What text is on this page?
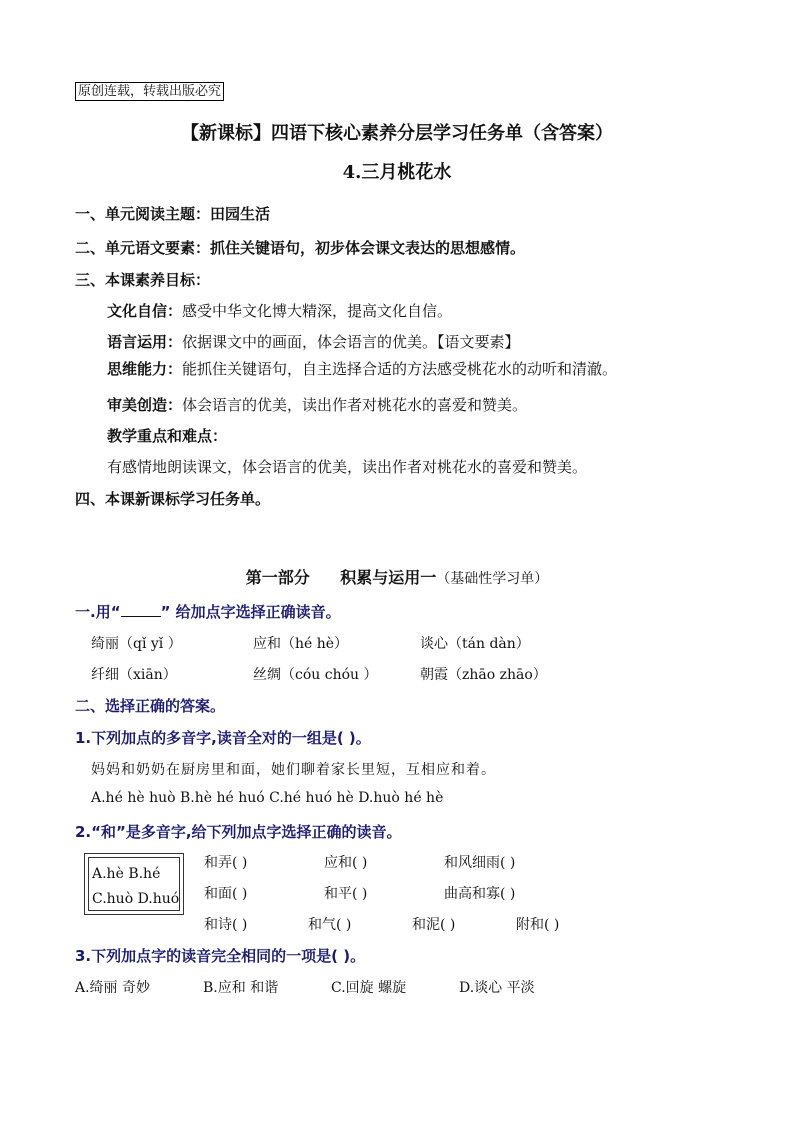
原创连载，转载出版必究
【新课标】四语下核心素养分层学习任务单（含答案）
4.三月桃花水
一、单元阅读主题：田园生活
二、单元语文要素：抓住关键语句，初步体会课文表达的思想感情。
三、本课素养目标：
文化自信：感受中华文化博大精深，提高文化自信。
语言运用：依据课文中的画面，体会语言的优美。【语文要素】
思维能力：能抓住关键语句，自主选择合适的方法感受桃花水的动听和清澈。
审美创造：体会语言的优美，读出作者对桃花水的喜爱和赞美。
教学重点和难点：
有感情地朗读课文，体会语言的优美，读出作者对桃花水的喜爱和赞美。
四、本课新课标学习任务单。
第一部分 积累与运用一（基础性学习单）
一.用“	” 给加点字选择正确读音。
绮丽（qǐ yǐ ）	应和（hé hè）	谈心（tán dàn）
纤细（xiān）	丝绸（cóu chóu ）	朝霞（zhāo zhāo）
二、选择正确的答案。
1.下列加点的多音字,读音全对的一组是( )。
妈妈和奶奶在厨房里和面，她们聊着家长里短，互相应和着。
A.hé hè huò B.hè hé huó C.hé huó hè D.huò hé hè
2.“和”是多音字,给下列加点字选择正确的读音。
A.hè B.hé
C.huò D.huó
和弄( )	应和( )	和风细雨( )
和面( )	和平( )	曲高和寡( )
和诗( )	和气( )	和泥( )	附和( )
3.下列加点字的读音完全相同的一项是( )。
A.绮丽 奇妙	B.应和 和谐	C.回旋 螺旋	D.谈心 平淡
